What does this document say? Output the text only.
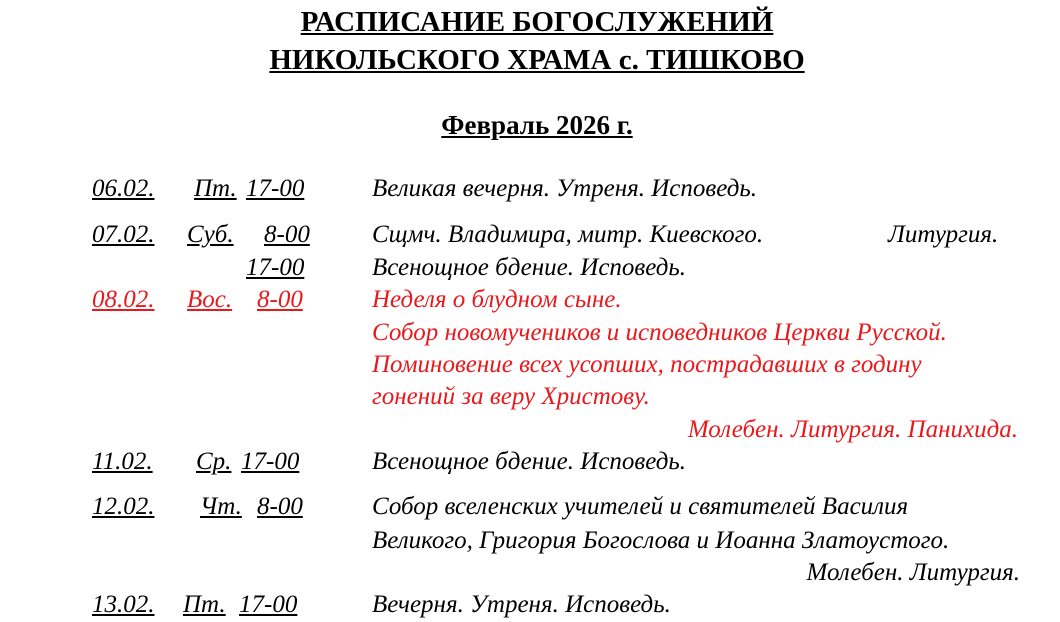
РАСПИСАНИЕ БОГОСЛУЖЕНИЙ
НИКОЛЬСКОГО ХРАМА с. ТИШКОВО
Февраль 2026 г.
06.02. Пт. 17-00	Великая вечерня. Утреня. Исповедь.
07.02. Суб. 8-00 Сщмч. Владимира, митр. Киевского.	Литургия.
17-00	Всенощное бдение. Исповедь.
08.02. Вос. 8-00	Неделя о блудном сыне.
Собор новомучеников и исповедников Церкви Русской.
Поминовение всех усопших, пострадавших в годину
гонений за веру Христову.
Молебен. Литургия. Панихида.
11.02. Ср. 17-00	Всенощное бдение. Исповедь.
12.02. Чт. 8-00	Собор вселенских учителей и святителей Василия
Великого, Григория Богослова и Иоанна Златоустого.
Молебен. Литургия.
13.02. Пт. 17-00	Вечерня. Утреня. Исповедь.
